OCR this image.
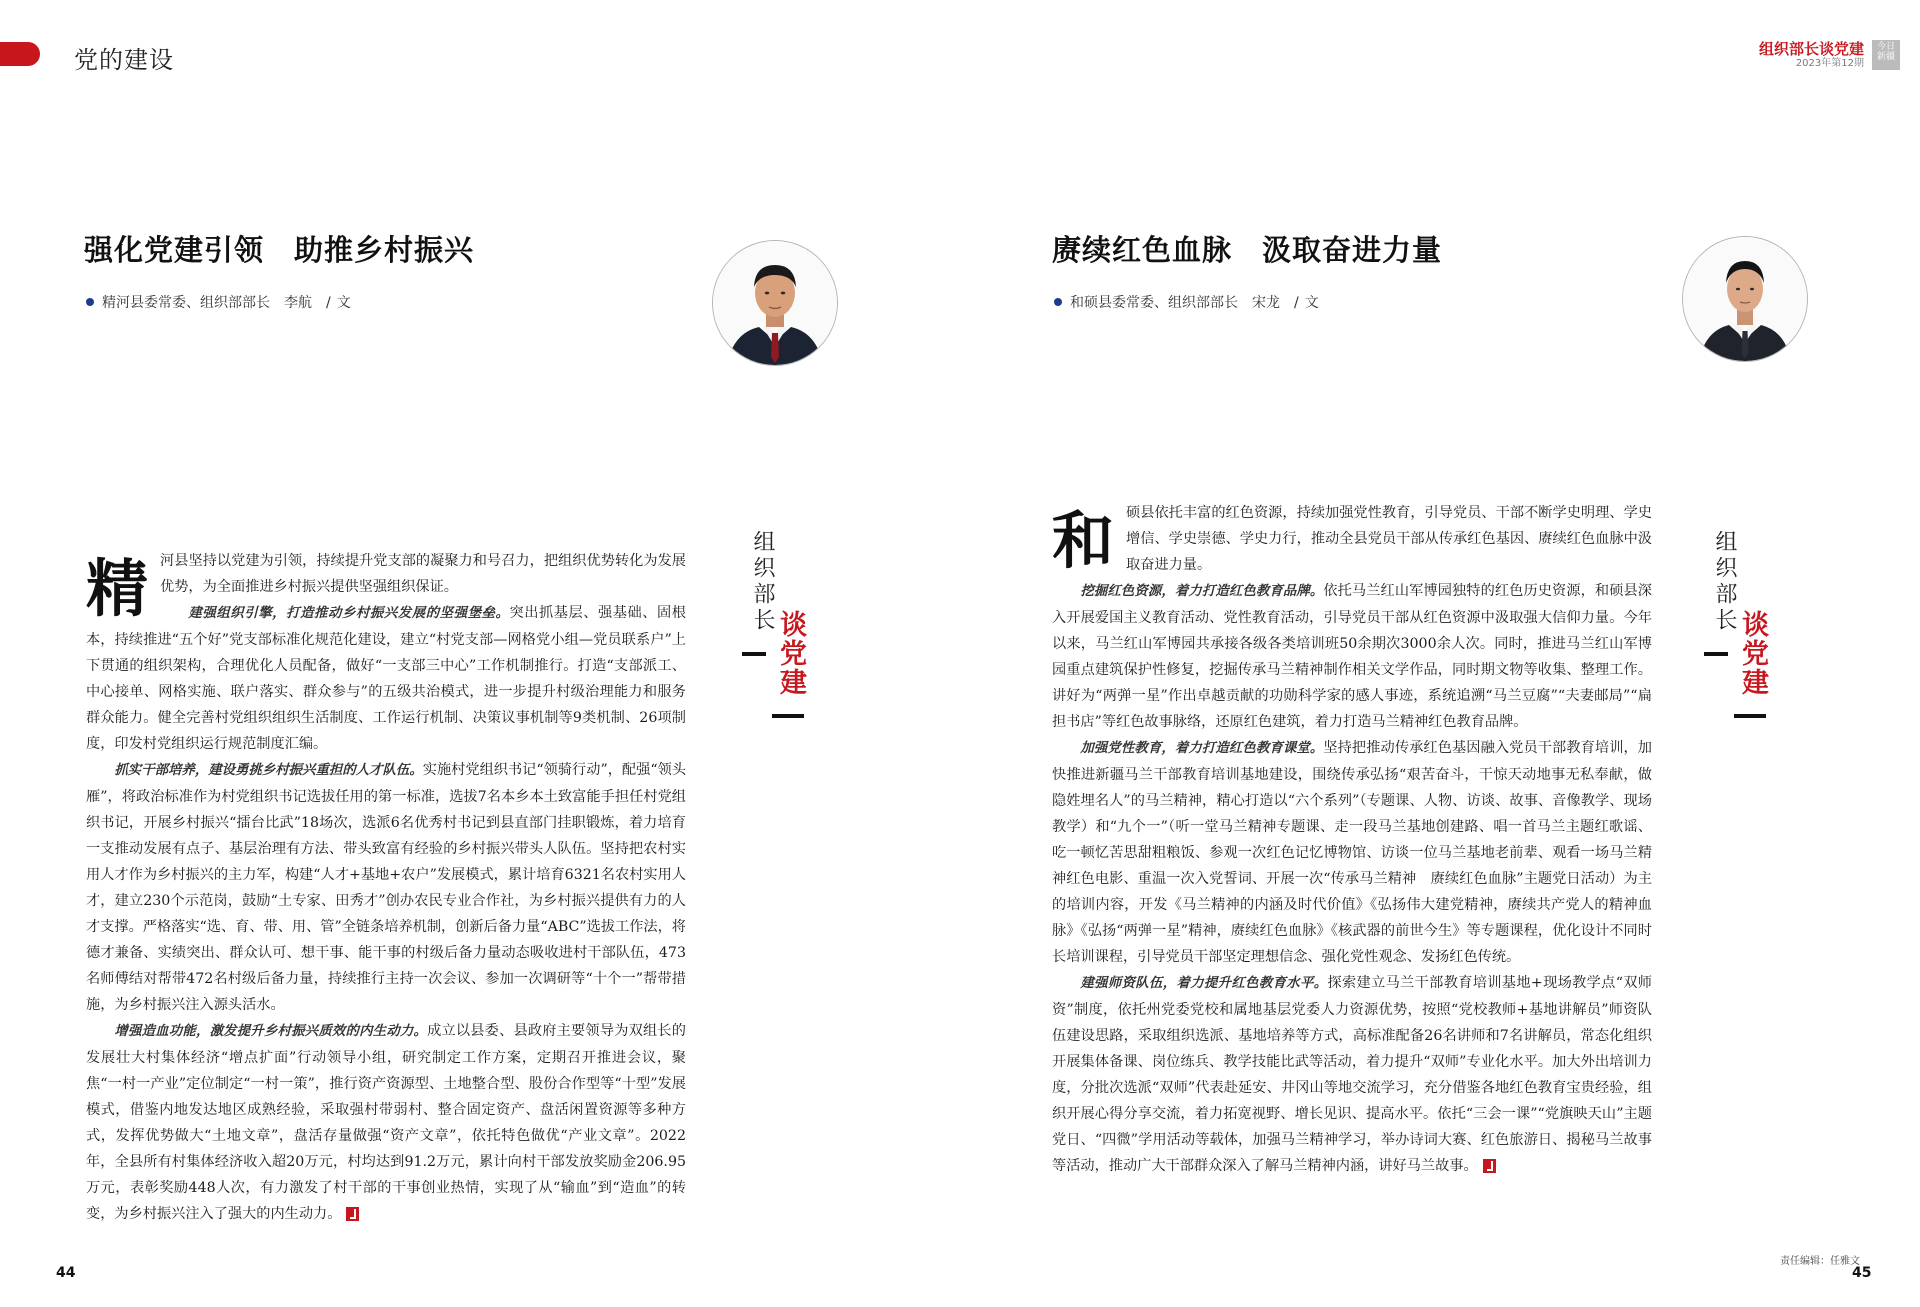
党的建设	组织部长谈党建
2023年第12期
今日
新疆
强化党建引领　助推乡村振兴
精河县委常委、组织部部长　 李航 / 文
组织部长
谈党建

精河县坚持以党建为引领，持续提升党支部的凝聚力和号召力，把组织优势转化为发展优势，为全面推进乡村振兴提供坚强组织保证。

建强组织引擎，打造推动乡村振兴发展的坚强堡垒。突出抓基层、强基础、固根本，持续推进“五个好”党支部标准化规范化建设，建立“村党支部—网格党小组—党员联系户”上下贯通的组织架构，合理优化人员配备，做好“一支部三中心”工作机制推行。打造“支部派工、中心接单、网格实施、联户落实、群众参与”的五级共治模式，进一步提升村级治理能力和服务群众能力。健全完善村党组织组织生活制度、工作运行机制、决策议事机制等9类机制、26项制度，印发村党组织运行规范制度汇编。

抓实干部培养，建设勇挑乡村振兴重担的人才队伍。实施村党组织书记“领骑行动”，配强“领头雁”，将政治标准作为村党组织书记选拔任用的第一标准，选拔7名本乡本土致富能手担任村党组织书记，开展乡村振兴“擂台比武”18场次，选派6名优秀村书记到县直部门挂职锻炼，着力培育一支推动发展有点子、基层治理有方法、带头致富有经验的乡村振兴带头人队伍。坚持把农村实用人才作为乡村振兴的主力军，构建“人才+基地+农户”发展模式，累计培育6321名农村实用人才，建立230个示范岗，鼓励“土专家、田秀才”创办农民专业合作社，为乡村振兴提供有力的人才支撑。严格落实“选、育、带、用、管”全链条培养机制，创新后备力量“ABC”选拔工作法，将德才兼备、实绩突出、群众认可、想干事、能干事的村级后备力量动态吸收进村干部队伍，473名师傅结对帮带472名村级后备力量，持续推行主持一次会议、参加一次调研等“十个一”帮带措施，为乡村振兴注入源头活水。

增强造血功能，激发提升乡村振兴质效的内生动力。成立以县委、县政府主要领导为双组长的发展壮大村集体经济“增点扩面”行动领导小组，研究制定工作方案，定期召开推进会议，聚焦“一村一产业”定位制定“一村一策”，推行资产资源型、土地整合型、股份合作型等“十型”发展模式，借鉴内地发达地区成熟经验，采取强村带弱村、整合固定资产、盘活闲置资源等多种方式，发挥优势做大“土地文章”，盘活存量做强“资产文章”，依托特色做优“产业文章”。2022年，全县所有村集体经济收入超20万元，村均达到91.2万元，累计向村干部发放奖励金206.95万元，表彰奖励448人次，有力激发了村干部的干事创业热情，实现了从“输血”到“造血”的转变，为乡村振兴注入了强大的内生动力。

44
赓续红色血脉　汲取奋进力量
和硕县委常委、组织部部长　 宋龙 / 文
组织部长
谈党建

和硕县依托丰富的红色资源，持续加强党性教育，引导党员、干部不断学史明理、学史增信、学史崇德、学史力行，推动全县党员干部从传承红色基因、赓续红色血脉中汲取奋进力量。

挖掘红色资源，着力打造红色教育品牌。依托马兰红山军博园独特的红色历史资源，和硕县深入开展爱国主义教育活动、党性教育活动，引导党员干部从红色资源中汲取强大信仰力量。今年以来，马兰红山军博园共承接各级各类培训班50余期次3000余人次。同时，推进马兰红山军博园重点建筑保护性修复，挖掘传承马兰精神制作相关文学作品，同时期文物等收集、整理工作。讲好为“两弹一星”作出卓越贡献的功勋科学家的感人事迹，系统追溯“马兰豆腐”“夫妻邮局”“扁担书店”等红色故事脉络，还原红色建筑，着力打造马兰精神红色教育品牌。

加强党性教育，着力打造红色教育课堂。坚持把推动传承红色基因融入党员干部教育培训，加快推进新疆马兰干部教育培训基地建设，围绕传承弘扬“艰苦奋斗，干惊天动地事无私奉献，做隐姓埋名人”的马兰精神，精心打造以“六个系列”（专题课、人物、访谈、故事、音像教学、现场教学）和“九个一”（听一堂马兰精神专题课、走一段马兰基地创建路、唱一首马兰主题红歌谣、吃一顿忆苦思甜粗粮饭、参观一次红色记忆博物馆、访谈一位马兰基地老前辈、观看一场马兰精神红色电影、重温一次入党誓词、开展一次“传承马兰精神　赓续红色血脉”主题党日活动）为主的培训内容，开发《马兰精神的内涵及时代价值》《弘扬伟大建党精神，赓续共产党人的精神血脉》《弘扬“两弹一星”精神，赓续红色血脉》《核武器的前世今生》等专题课程，优化设计不同时长培训课程，引导党员干部坚定理想信念、强化党性观念、发扬红色传统。

建强师资队伍，着力提升红色教育水平。探索建立马兰干部教育培训基地+现场教学点“双师资”制度，依托州党委党校和属地基层党委人力资源优势，按照“党校教师+基地讲解员”师资队伍建设思路，采取组织选派、基地培养等方式，高标准配备26名讲师和7名讲解员，常态化组织开展集体备课、岗位练兵、教学技能比武等活动，着力提升“双师”专业化水平。加大外出培训力度，分批次选派“双师”代表赴延安、井冈山等地交流学习，充分借鉴各地红色教育宝贵经验，组织开展心得分享交流，着力拓宽视野、增长见识、提高水平。依托“三会一课”“党旗映天山”主题党日、“四微”学用活动等载体，加强马兰精神学习，举办诗词大赛、红色旅游日、揭秘马兰故事等活动，推动广大干部群众深入了解马兰精神内涵，讲好马兰故事。

责任编辑：任雅文
45
